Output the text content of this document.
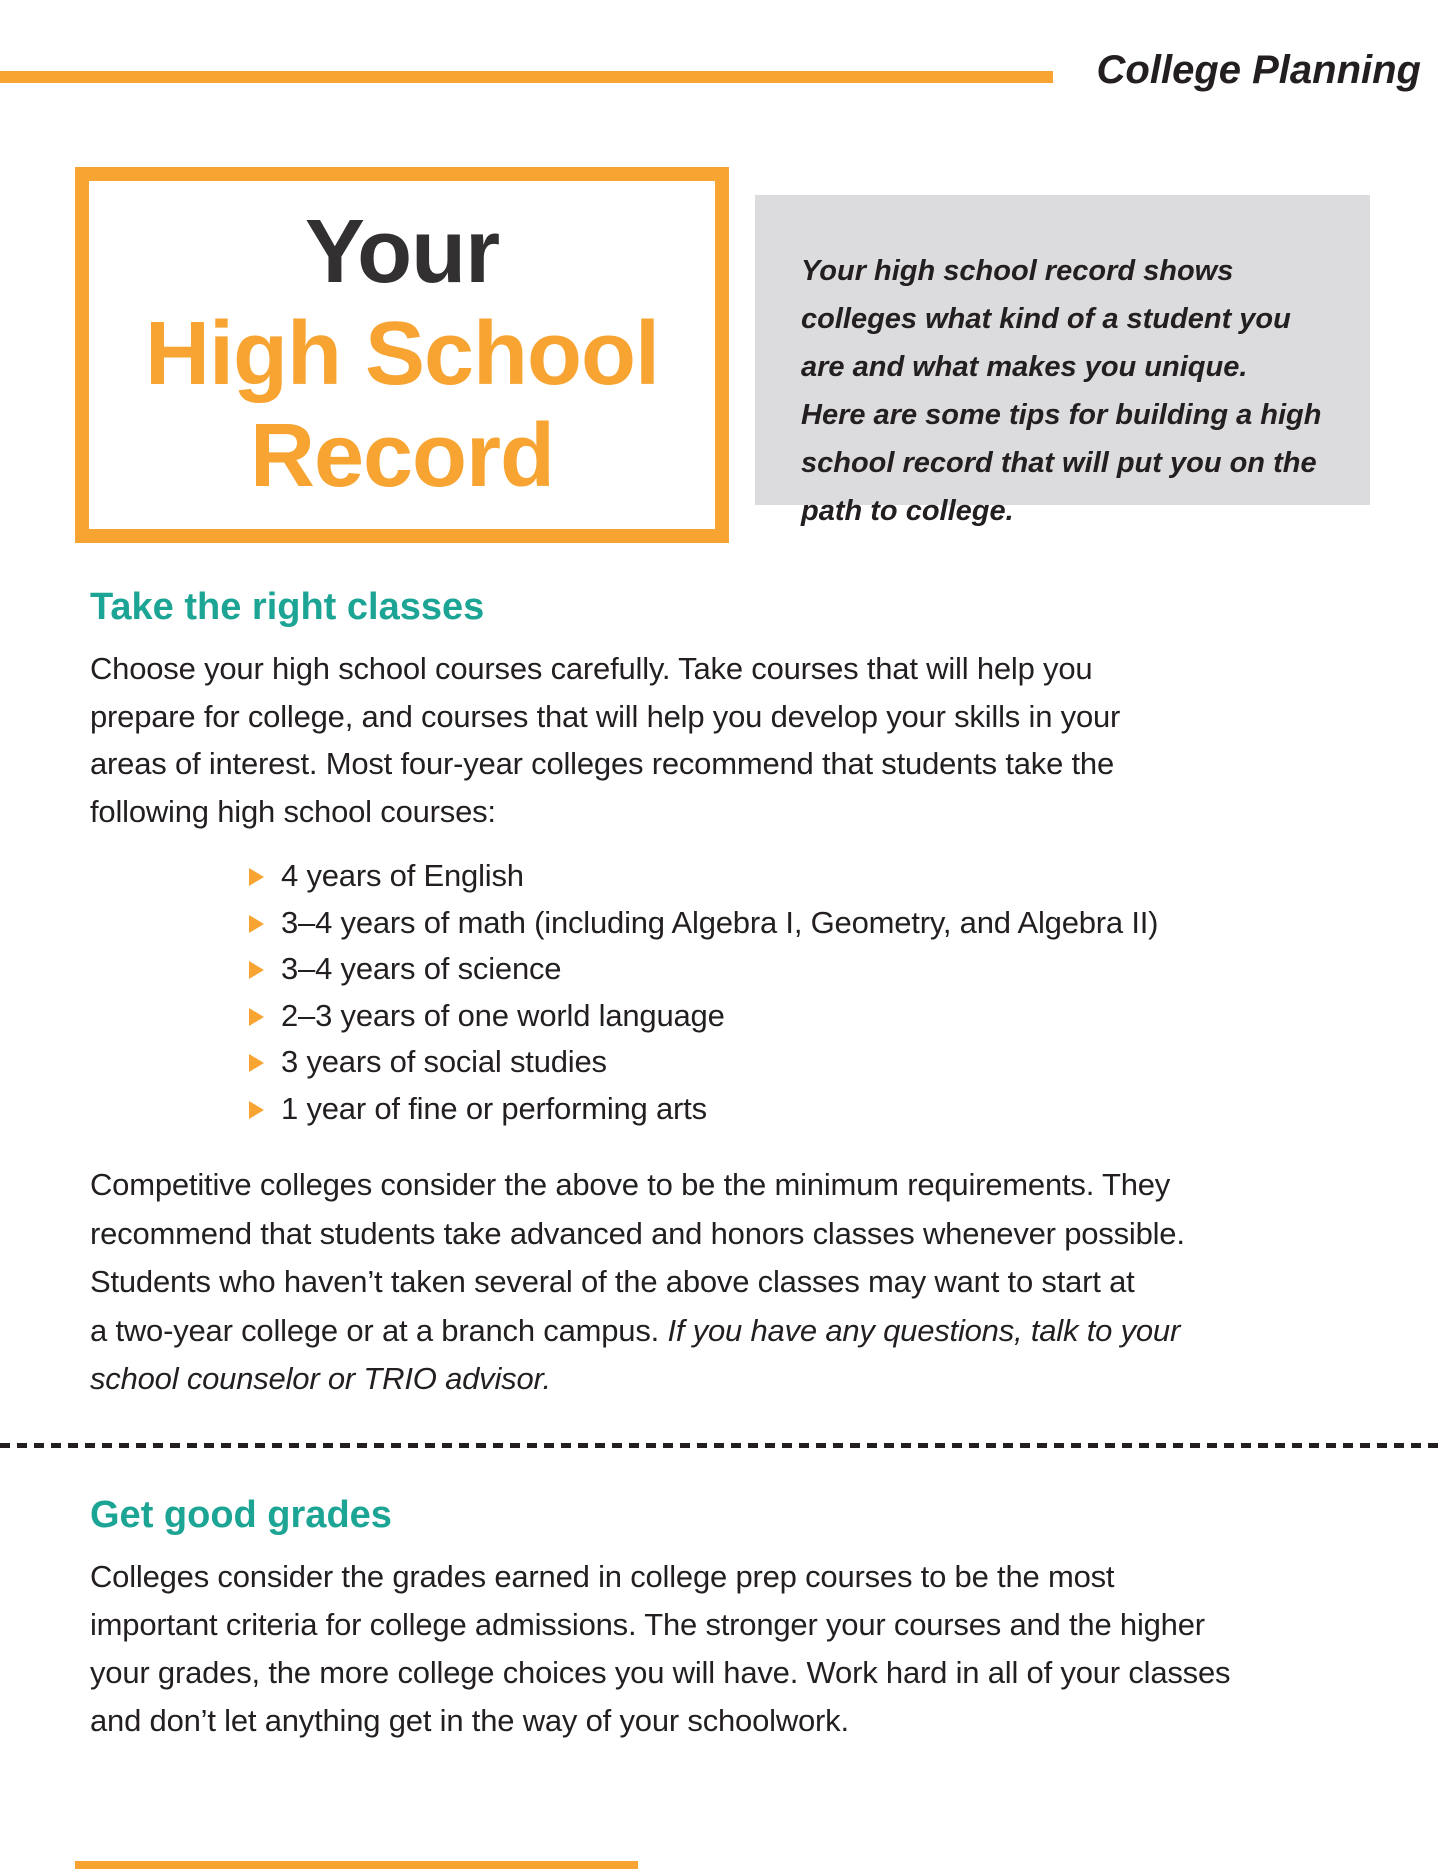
College Planning
Your
High School
Record
Your high school record shows
colleges what kind of a student you
are and what makes you unique.
Here are some tips for building a high
school record that will put you on the
path to college.
Take the right classes
Choose your high school courses carefully. Take courses that will help you
prepare for college, and courses that will help you develop your skills in your
areas of interest. Most four-year colleges recommend that students take the
following high school courses:
4 years of English
3–4 years of math (including Algebra I, Geometry, and Algebra II)
3–4 years of science
2–3 years of one world language
3 years of social studies
1 year of fine or performing arts
Competitive colleges consider the above to be the minimum requirements. They
recommend that students take advanced and honors classes whenever possible.
Students who haven’t taken several of the above classes may want to start at
a two-year college or at a branch campus. If you have any questions, talk to your
school counselor or TRIO advisor.
Get good grades
Colleges consider the grades earned in college prep courses to be the most
important criteria for college admissions. The stronger your courses and the higher
your grades, the more college choices you will have. Work hard in all of your classes
and don’t let anything get in the way of your schoolwork.
